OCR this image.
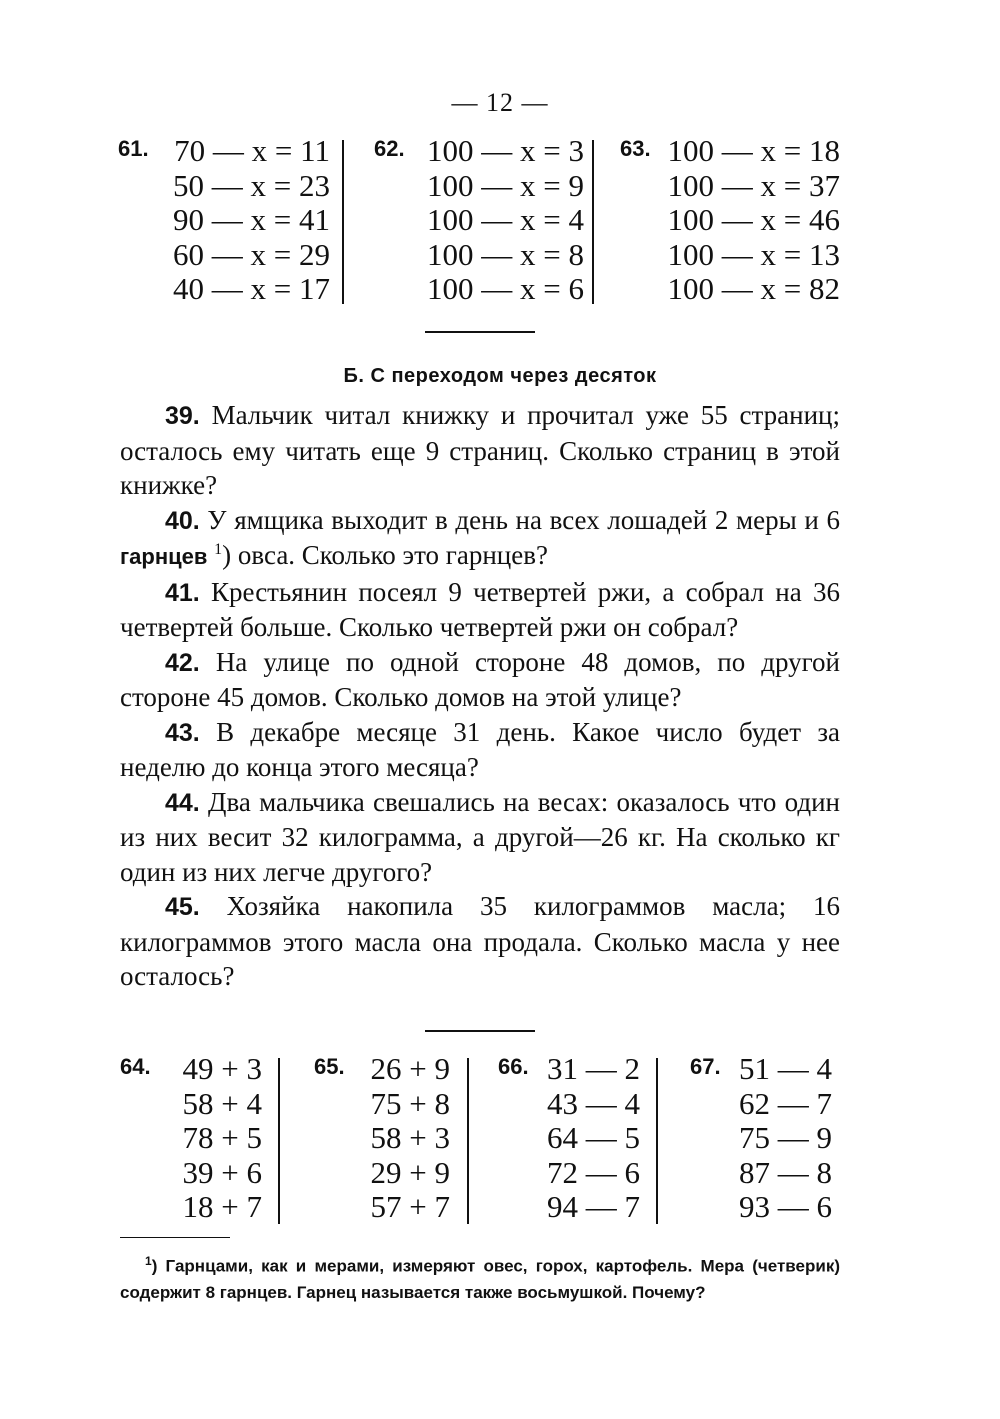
— 12 —
61. 70 — x = 11
50 — x = 23
90 — x = 41
60 — x = 29
40 — x = 17
62. 100 — x = 3
100 — x = 9
100 — x = 4
100 — x = 8
100 — x = 6
63. 100 — x = 18
100 — x = 37
100 — x = 46
100 — x = 13
100 — x = 82
Б. С переходом через десяток

39. Мальчик читал книжку и прочитал уже 55 страниц; осталось ему читать еще 9 страниц. Сколько страниц в этой книжке?

40. У ямщика выходит в день на всех лошадей 2 меры и 6 гарнцев $^1$) овса. Сколько это гарнцев?

41. Крестьянин посеял 9 четвертей ржи, а собрал на 36 четвертей больше. Сколько четвертей ржи он собрал?

42. На улице по одной стороне 48 домов, по другой стороне 45 домов. Сколько домов на этой улице?

43. В декабре месяце 31 день. Какое число будет за неделю до конца этого месяца?

44. Два мальчика свешались на весах: оказалось что один из них весит 32 килограмма, а другой—26 кг. На сколько кг один из них легче другого?

45. Хозяйка накопила 35 килограммов масла; 16 килограммов этого масла она продала. Сколько масла у нее осталось?

64.	49 + 3
58 + 4
78 + 5
39 + 6
18 + 7
65. 26 + 9
75 + 8
58 + 3
29 + 9
57 + 7
66. 31 — 2
43 — 4
64 — 5
72 — 6
94 — 7
67. 51 — 4
62 — 7
75 — 9
87 — 8
93 — 6
$^1$) Гарнцами, как и мерами, измеряют овес, горох, картофель. Мера (четверик) содержит 8 гарнцев. Гарнец называется также восьмушкой. Почему?
